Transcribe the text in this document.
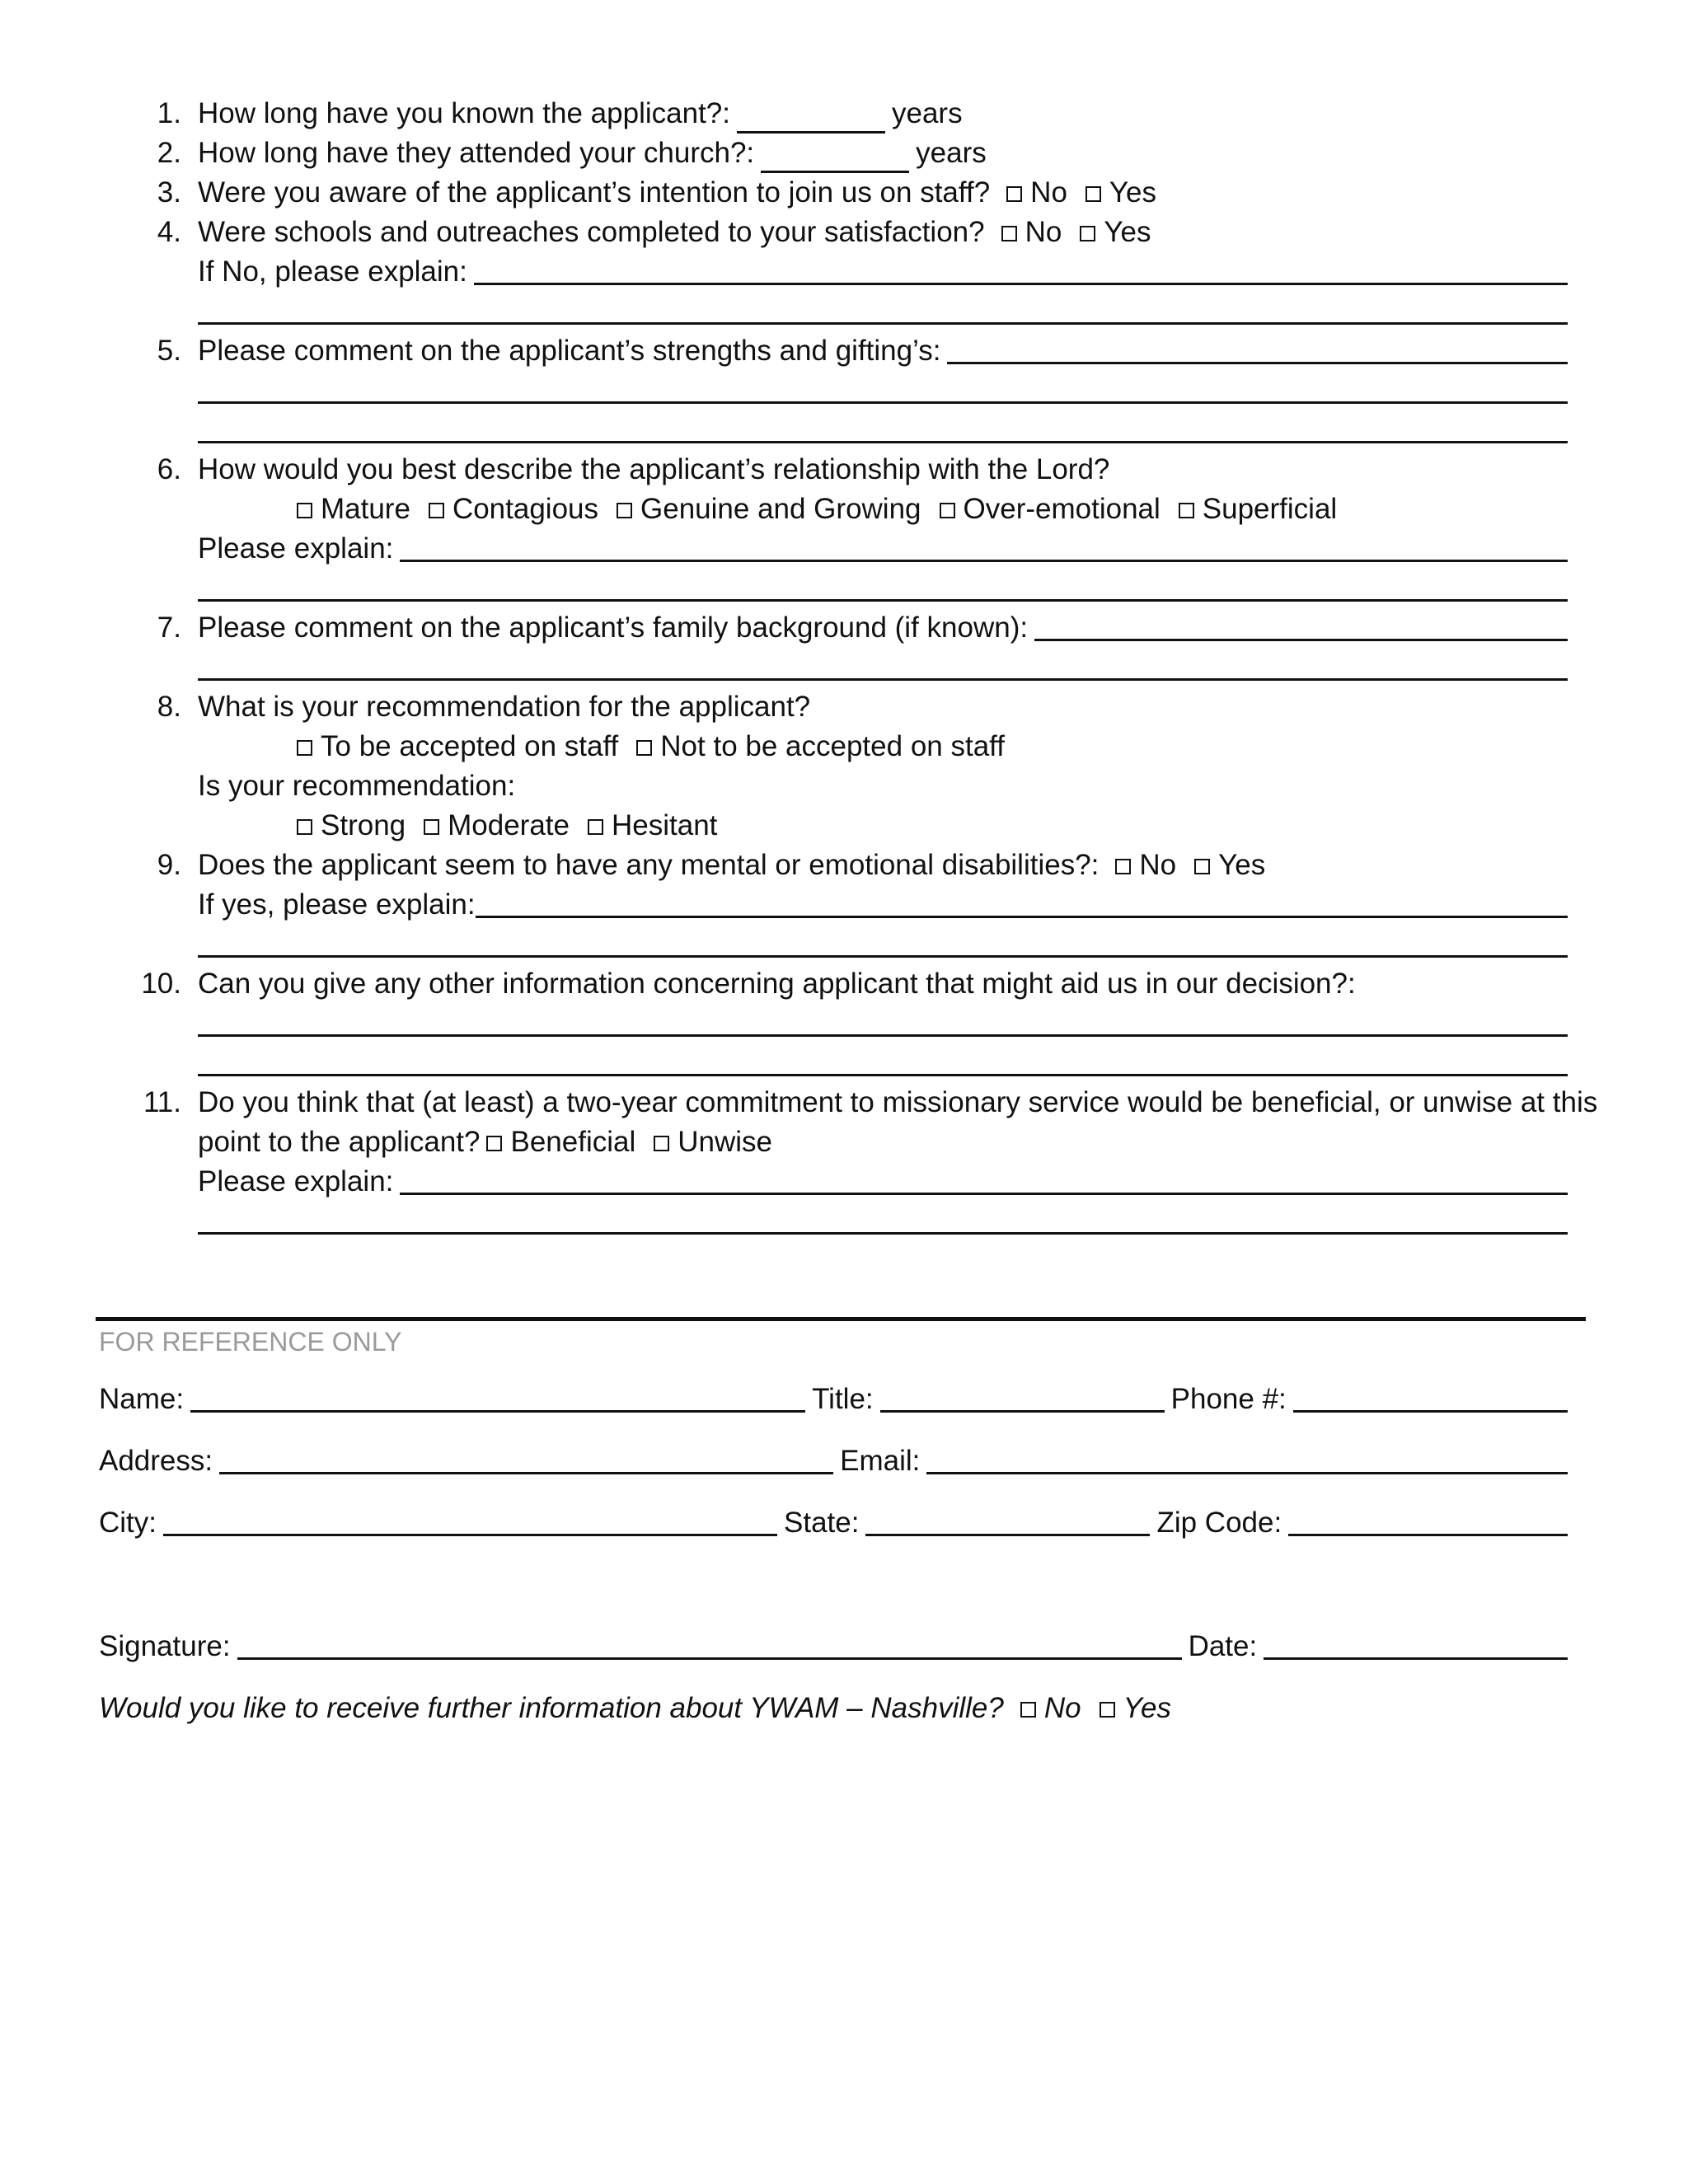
1. How long have you known the applicant?:	years
2. How long have they attended your church?:	years
3. Were you aware of the applicant’s intention to join us on staff? No Yes
4. Were schools and outreaches completed to your satisfaction? No Yes
If No, please explain:
5. Please comment on the applicant’s strengths and gifting’s:
6. How would you best describe the applicant’s relationship with the Lord?
Mature Contagious Genuine and Growing Over-emotional Superficial
Please explain:
7. Please comment on the applicant’s family background (if known):
8. What is your recommendation for the applicant?
To be accepted on staff Not to be accepted on staff
Is your recommendation:
Strong Moderate Hesitant
9. Does the applicant seem to have any mental or emotional disabilities?: No Yes
If yes, please explain:
10. Can you give any other information concerning applicant that might aid us in our decision?:
11. Do you think that (at least) a two-year commitment to missionary service would be beneficial, or unwise at this
point to the applicant? Beneficial Unwise
Please explain:
FOR REFERENCE ONLY
Name:	Title:	Phone #:
Address:	Email:
City:	State:	Zip Code:
Signature:	Date:
Would you like to receive further information about YWAM – Nashville? No Yes
